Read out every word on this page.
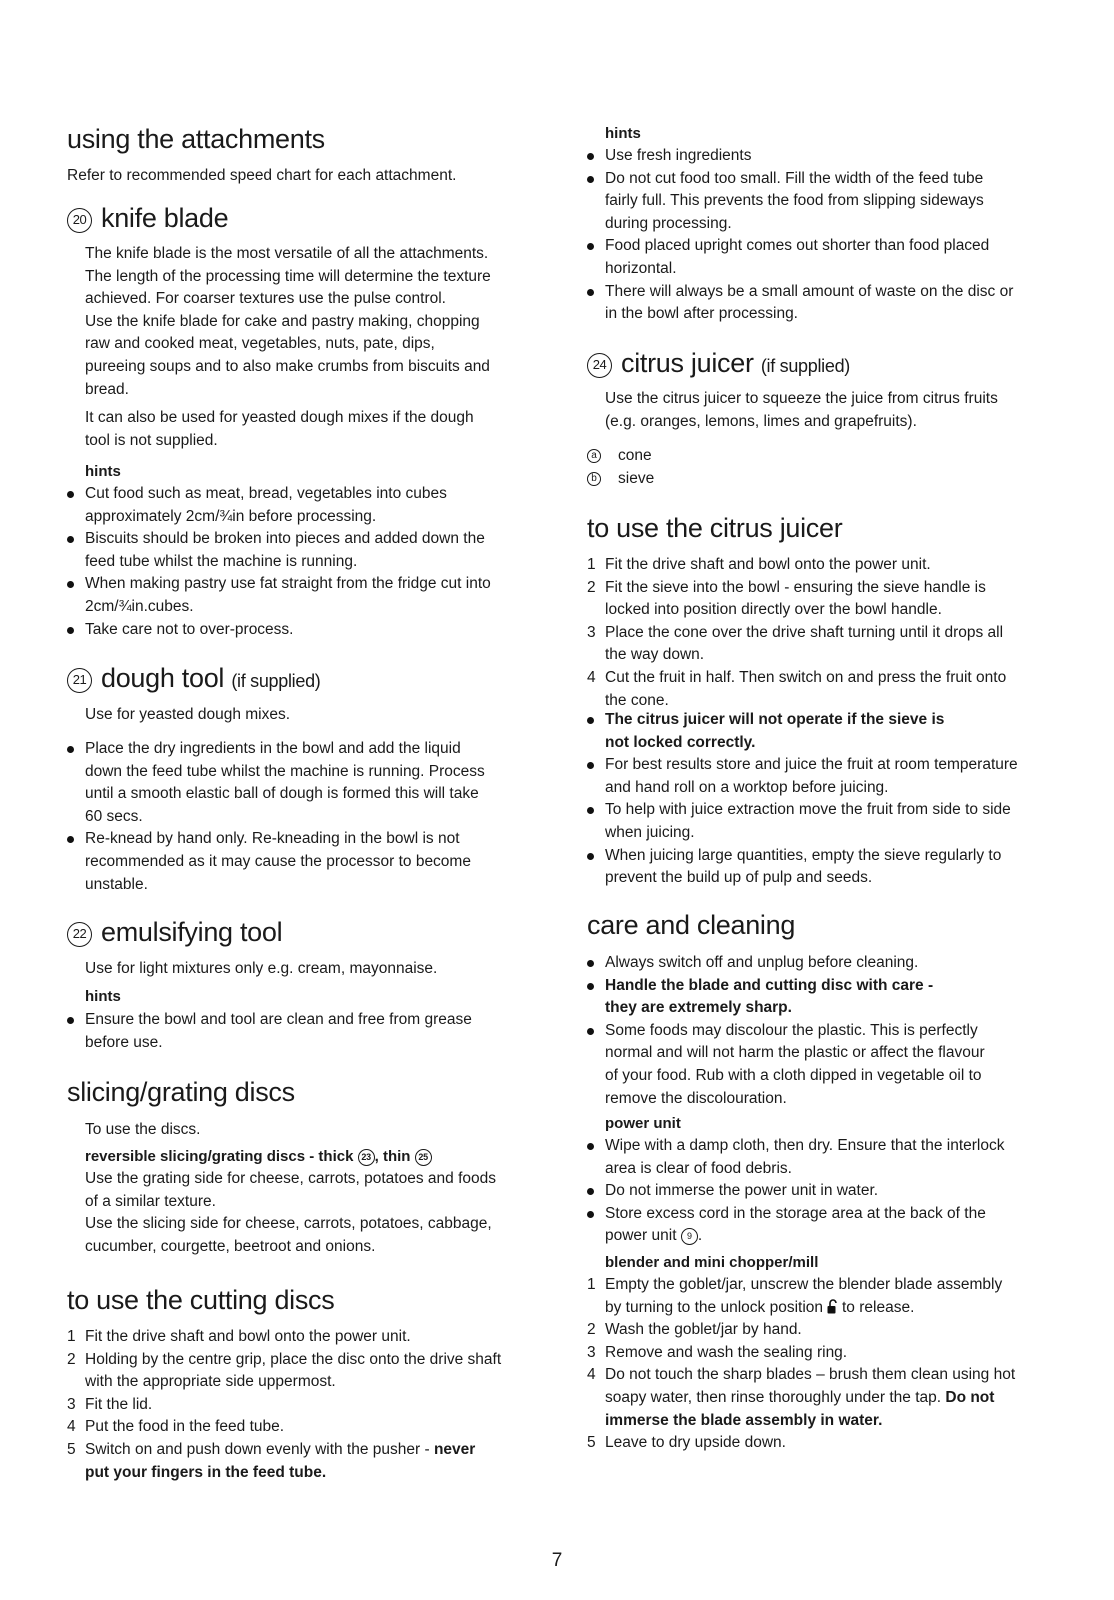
using the attachments

Refer to recommended speed chart for each attachment.

20 knife blade
The knife blade is the most versatile of all the attachments.
The length of the processing time will determine the texture
achieved. For coarser textures use the pulse control.
Use the knife blade for cake and pastry making, chopping
raw and cooked meat, vegetables, nuts, pate, dips,
pureeing soups and to also make crumbs from biscuits and
bread.
It can also be used for yeasted dough mixes if the dough
tool is not supplied.
hints
Cut food such as meat, bread, vegetables into cubes
approximately 2cm/¾in before processing.
Biscuits should be broken into pieces and added down the
feed tube whilst the machine is running.
When making pastry use fat straight from the fridge cut into
2cm/¾in.cubes.
Take care not to over-process.
21 dough tool (if supplied)

Use for yeasted dough mixes.

Place the dry ingredients in the bowl and add the liquid
down the feed tube whilst the machine is running. Process
until a smooth elastic ball of dough is formed this will take
60 secs.
Re-knead by hand only. Re-kneading in the bowl is not
recommended as it may cause the processor to become
unstable.
22 emulsifying tool

Use for light mixtures only e.g. cream, mayonnaise.

hints
Ensure the bowl and tool are clean and free from grease
before use.
slicing/grating discs

To use the discs.

reversible slicing/grating discs - thick 23 , thin 25
Use the grating side for cheese, carrots, potatoes and foods
of a similar texture.
Use the slicing side for cheese, carrots, potatoes, cabbage,
cucumber, courgette, beetroot and onions.
to use the cutting discs
1 Fit the drive shaft and bowl onto the power unit.
2 Holding by the centre grip, place the disc onto the drive shaft
with the appropriate side uppermost.
3 Fit the lid.
4 Put the food in the feed tube.
5 Switch on and push down evenly with the pusher - never
put your fingers in the feed tube.
hints
Use fresh ingredients
Do not cut food too small. Fill the width of the feed tube
fairly full. This prevents the food from slipping sideways
during processing.
Food placed upright comes out shorter than food placed
horizontal.
There will always be a small amount of waste on the disc or
in the bowl after processing.
24 citrus juicer (if supplied)
Use the citrus juicer to squeeze the juice from citrus fruits
(e.g. oranges, lemons, limes and grapefruits).
a cone
b sieve
to use the citrus juicer
1 Fit the drive shaft and bowl onto the power unit.
2 Fit the sieve into the bowl - ensuring the sieve handle is
locked into position directly over the bowl handle.
3 Place the cone over the drive shaft turning until it drops all
the way down.
4 Cut the fruit in half. Then switch on and press the fruit onto
the cone.
The citrus juicer will not operate if the sieve is
not locked correctly.
For best results store and juice the fruit at room temperature
and hand roll on a worktop before juicing.
To help with juice extraction move the fruit from side to side
when juicing.
When juicing large quantities, empty the sieve regularly to
prevent the build up of pulp and seeds.
care and cleaning
Always switch off and unplug before cleaning.
Handle the blade and cutting disc with care -
they are extremely sharp.
Some foods may discolour the plastic. This is perfectly
normal and will not harm the plastic or affect the flavour
of your food. Rub with a cloth dipped in vegetable oil to
remove the discolouration.
power unit
Wipe with a damp cloth, then dry. Ensure that the interlock
area is clear of food debris.
Do not immerse the power unit in water.
Store excess cord in the storage area at the back of the
power unit 9 .
blender and mini chopper/mill
1 Empty the goblet/jar, unscrew the blender blade assembly
by turning to the unlock position to release.
2 Wash the goblet/jar by hand.
3 Remove and wash the sealing ring.
4 Do not touch the sharp blades – brush them clean using hot
soapy water, then rinse thoroughly under the tap. Do not
immerse the blade assembly in water.
5 Leave to dry upside down.
7
